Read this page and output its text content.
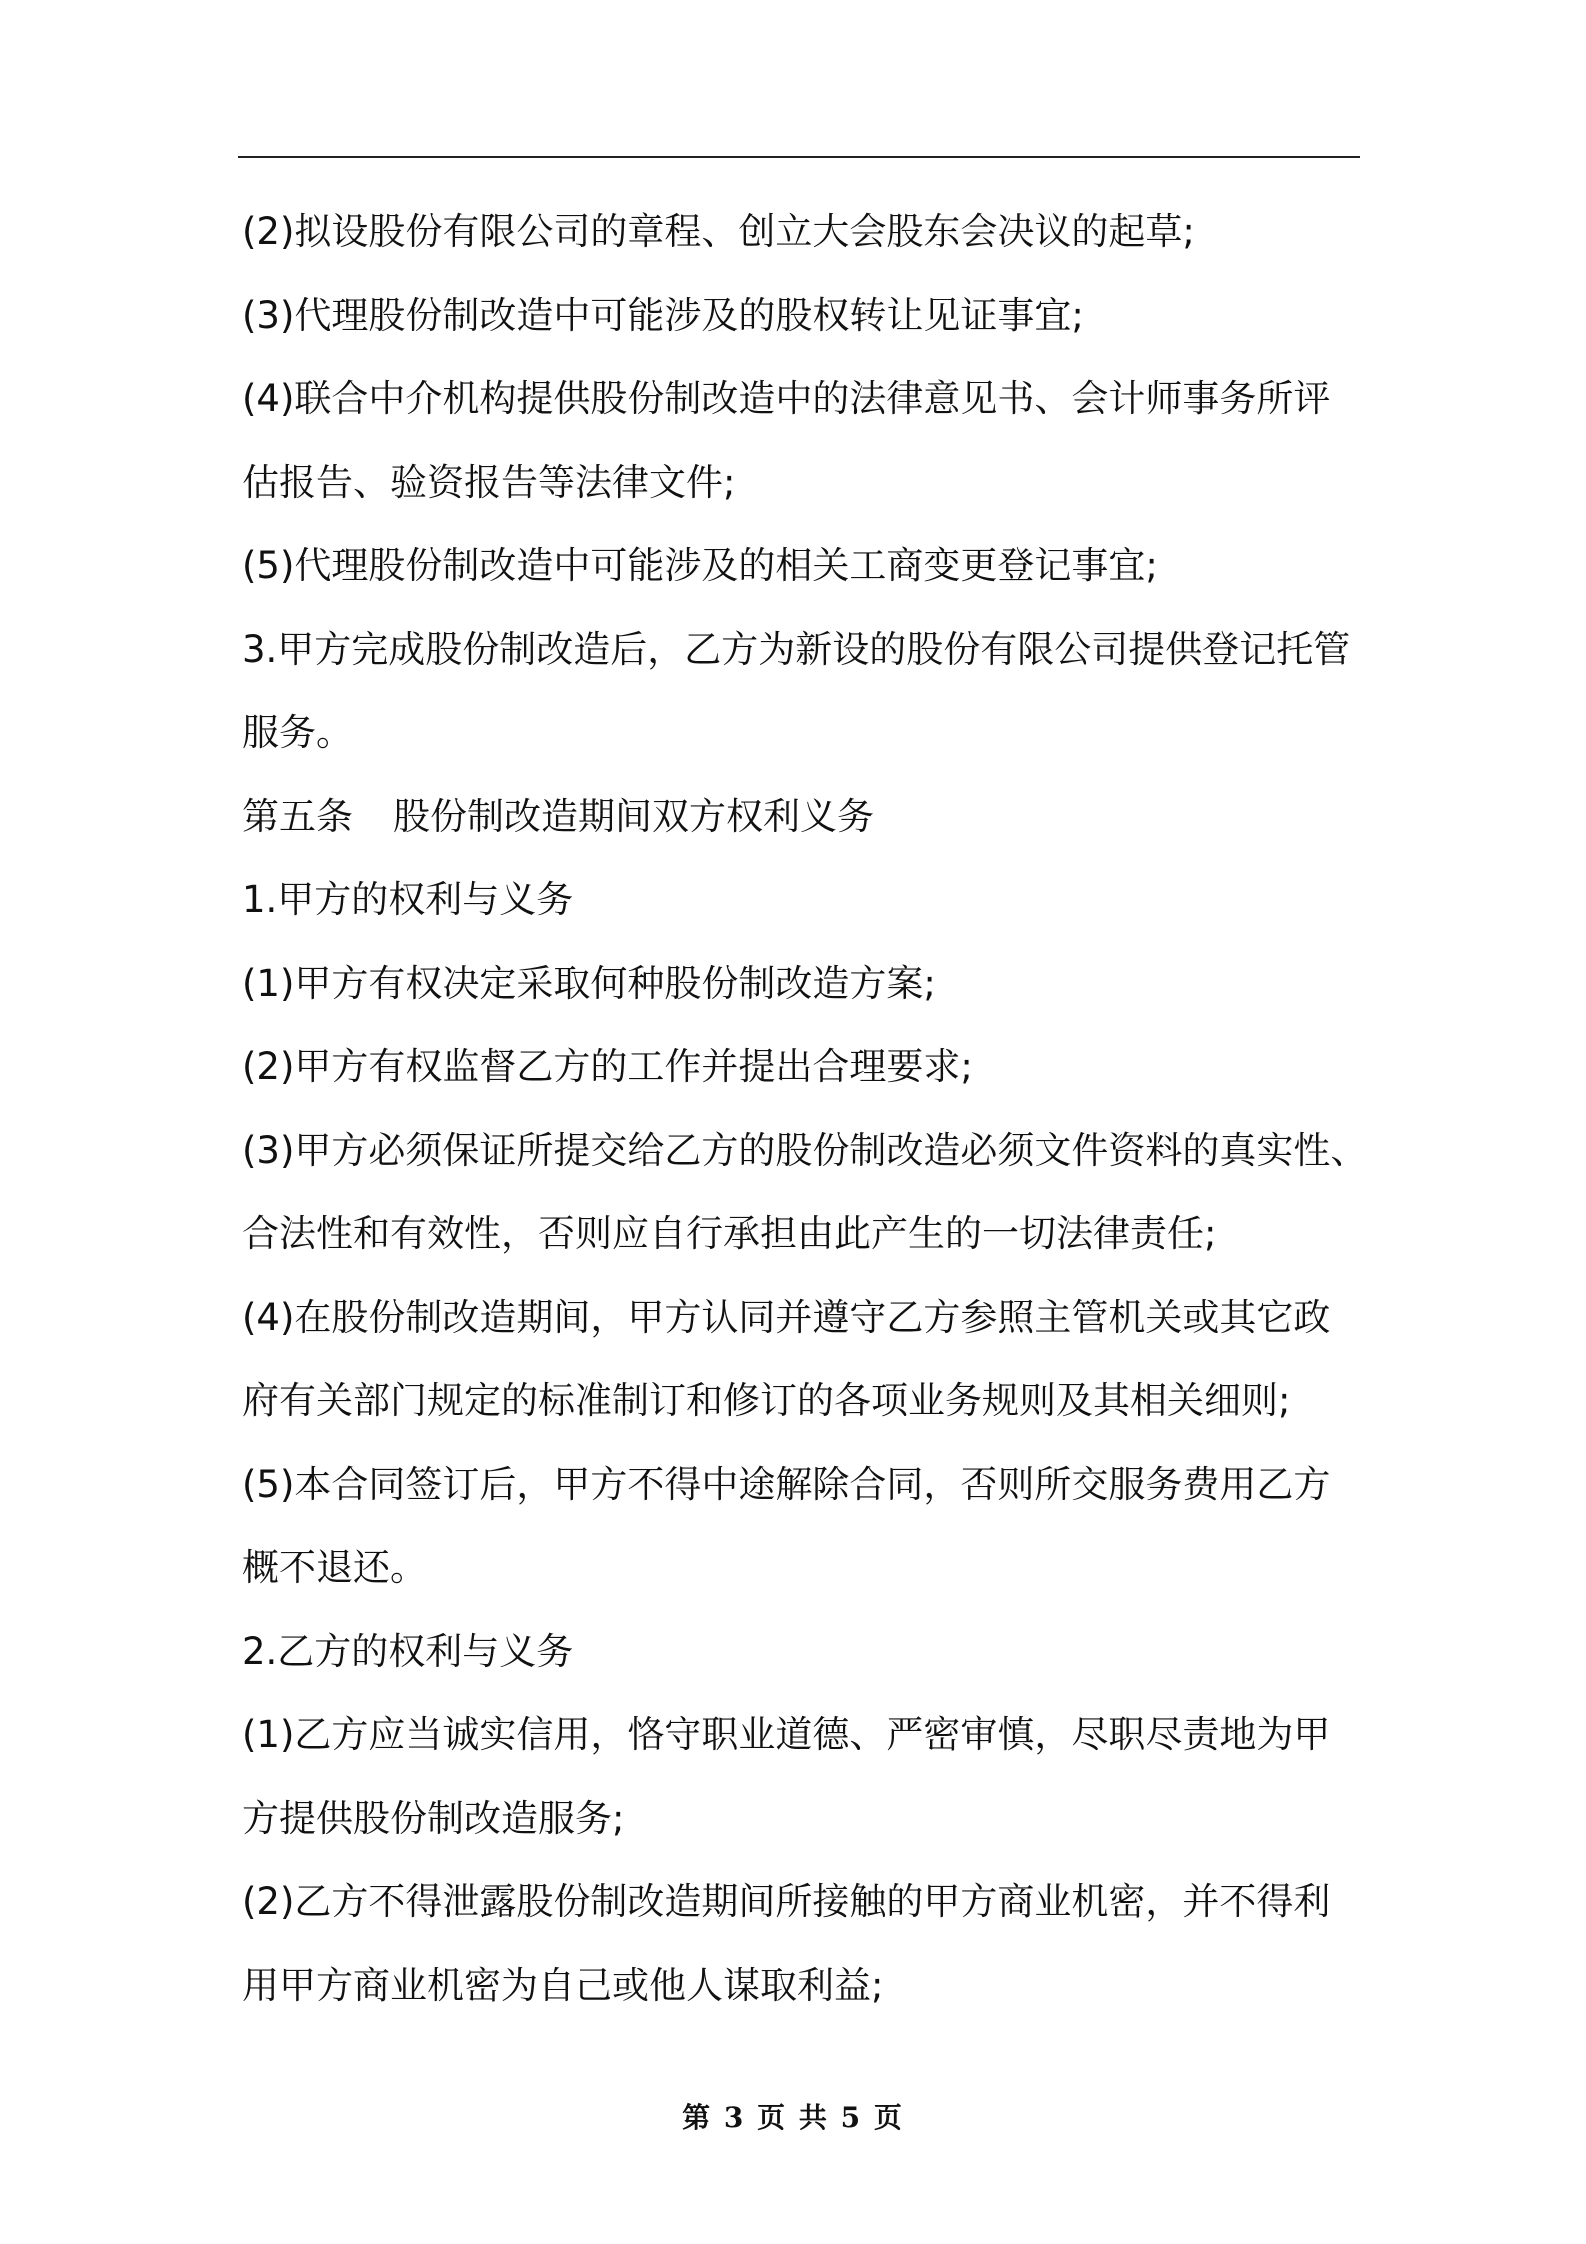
(2)拟设股份有限公司的章程、创立大会股东会决议的起草;
(3)代理股份制改造中可能涉及的股权转让见证事宜;
(4)联合中介机构提供股份制改造中的法律意见书、会计师事务所评
估报告、验资报告等法律文件;
(5)代理股份制改造中可能涉及的相关工商变更登记事宜;
3.甲方完成股份制改造后，乙方为新设的股份有限公司提供登记托管
服务。
第五条 股份制改造期间双方权利义务
1.甲方的权利与义务
(1)甲方有权决定采取何种股份制改造方案;
(2)甲方有权监督乙方的工作并提出合理要求;
(3)甲方必须保证所提交给乙方的股份制改造必须文件资料的真实性、
合法性和有效性，否则应自行承担由此产生的一切法律责任;
(4)在股份制改造期间，甲方认同并遵守乙方参照主管机关或其它政
府有关部门规定的标准制订和修订的各项业务规则及其相关细则;
(5)本合同签订后，甲方不得中途解除合同，否则所交服务费用乙方
概不退还。
2.乙方的权利与义务
(1)乙方应当诚实信用，恪守职业道德、严密审慎，尽职尽责地为甲
方提供股份制改造服务;
(2)乙方不得泄露股份制改造期间所接触的甲方商业机密，并不得利
用甲方商业机密为自己或他人谋取利益;
第 3 页 共 5 页
